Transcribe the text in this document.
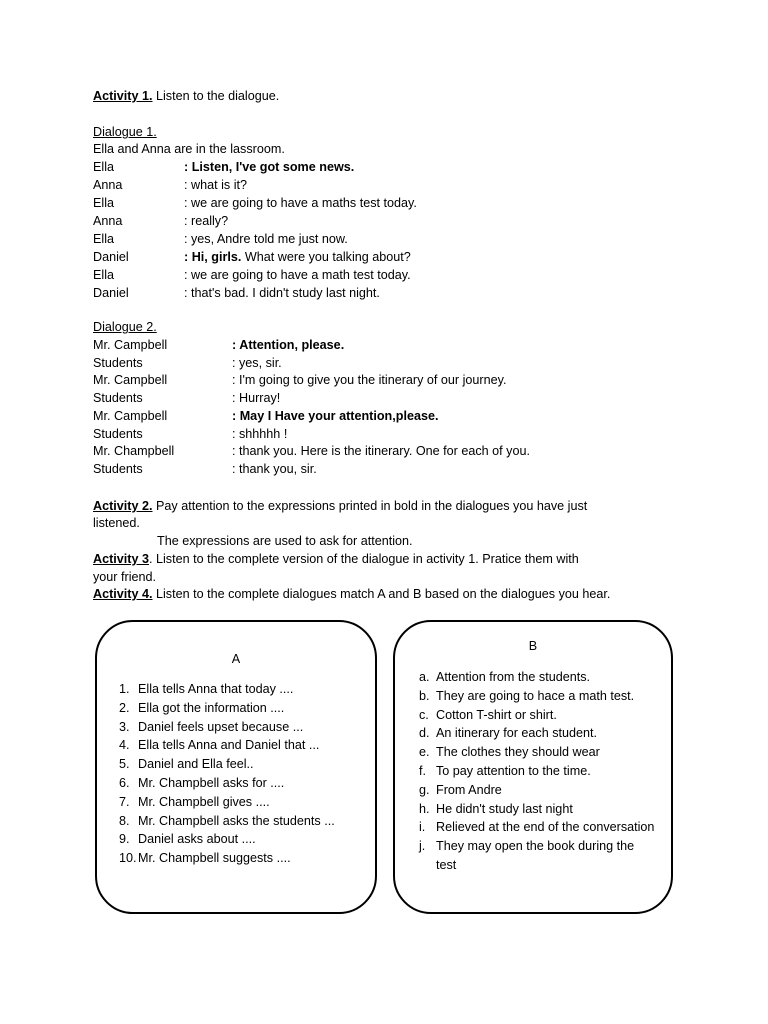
Activity 1. Listen to the dialogue.
Dialogue 1.
Ella and Anna are in the lassroom.
Ella	: Listen, I've got some news.
Anna	: what is it?
Ella	: we are going to have a maths test today.
Anna	: really?
Ella	: yes, Andre told me just now.
Daniel	: Hi, girls. What were you talking about?
Ella	: we are going to have a math test today.
Daniel	: that's bad. I didn't study last night.
Dialogue 2.
Mr. Campbell	: Attention, please.
Students	: yes, sir.
Mr. Campbell	: I'm going to give you the itinerary of our journey.
Students	: Hurray!
Mr. Campbell	: May I Have your attention,please.
Students	: shhhhh !
Mr. Champbell	: thank you. Here is the itinerary. One for each of you.
Students	: thank you, sir.
Activity 2. Pay attention to the expressions printed in bold in the dialogues you have just
listened.
The expressions are used to ask for attention.
Activity 3. Listen to the complete version of the dialogue in activity 1. Pratice them with
your friend.
Activity 4. Listen to the complete dialogues match A and B based on the dialogues you hear.
A
1. Ella tells Anna that today ....
2. Ella got the information ....
3. Daniel feels upset because ...
4. Ella tells Anna and Daniel that ...
5. Daniel and Ella feel..
6. Mr. Champbell asks for ....
7. Mr. Champbell gives ....
8. Mr. Champbell asks the students ...
9. Daniel asks about ....
10.Mr. Champbell suggests ....
B
a. Attention from the students.
b. They are going to hace a math test.
c. Cotton T-shirt or shirt.
d. An itinerary for each student.
e. The clothes they should wear
f. To pay attention to the time.
g. From Andre
h. He didn't study last night
i. Relieved at the end of the conversation
j. They may open the book during the test
